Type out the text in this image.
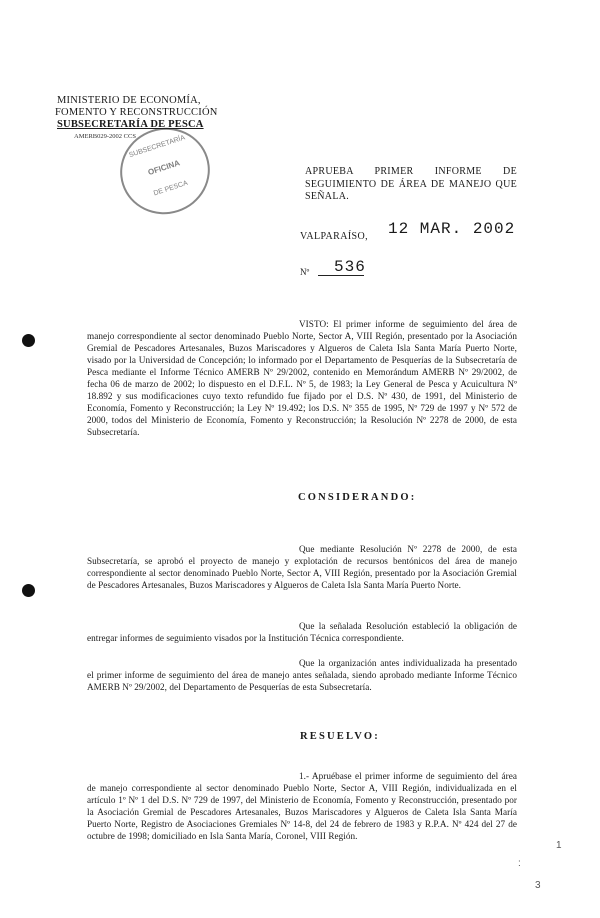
MINISTERIO DE ECONOMÍA,
FOMENTO Y RECONSTRUCCIÓN
SUBSECRETARÍA DE PESCA
AMERB029-2002 CCS
SUBSECRETARÍA
OFICINA
DE PESCA
APRUEBA PRIMER INFORME DE SEGUIMIENTO DE ÁREA DE MANEJO QUE SEÑALA.
VALPARAÍSO, 12 MAR. 2002
Nº 536
VISTO: El primer informe de seguimiento del área de manejo correspondiente al sector denominado Pueblo Norte, Sector A, VIII Región, presentado por la Asociación Gremial de Pescadores Artesanales, Buzos Mariscadores y Algueros de Caleta Isla Santa María Puerto Norte, visado por la Universidad de Concepción; lo informado por el Departamento de Pesquerías de la Subsecretaría de Pesca mediante el Informe Técnico AMERB Nº 29/2002, contenido en Memorándum AMERB Nº 29/2002, de fecha 06 de marzo de 2002; lo dispuesto en el D.F.L. Nº 5, de 1983; la Ley General de Pesca y Acuicultura Nº 18.892 y sus modificaciones cuyo texto refundido fue fijado por el D.S. Nº 430, de 1991, del Ministerio de Economía, Fomento y Reconstrucción; la Ley Nº 19.492; los D.S. Nº 355 de 1995, Nº 729 de 1997 y Nº 572 de 2000, todos del Ministerio de Economía, Fomento y Reconstrucción; la Resolución Nº 2278 de 2000, de esta Subsecretaría.
CONSIDERANDO:
Que mediante Resolución Nº 2278 de 2000, de esta Subsecretaría, se aprobó el proyecto de manejo y explotación de recursos bentónicos del área de manejo correspondiente al sector denominado Pueblo Norte, Sector A, VIII Región, presentado por la Asociación Gremial de Pescadores Artesanales, Buzos Mariscadores y Algueros de Caleta Isla Santa María Puerto Norte.
Que la señalada Resolución estableció la obligación de entregar informes de seguimiento visados por la Institución Técnica correspondiente.
Que la organización antes individualizada ha presentado el primer informe de seguimiento del área de manejo antes señalada, siendo aprobado mediante Informe Técnico AMERB Nº 29/2002, del Departamento de Pesquerías de esta Subsecretaría.
RESUELVO:
1.- Apruébase el primer informe de seguimiento del área de manejo correspondiente al sector denominado Pueblo Norte, Sector A, VIII Región, individualizada en el artículo 1º Nº 1 del D.S. Nº 729 de 1997, del Ministerio de Economía, Fomento y Reconstrucción, presentado por la Asociación Gremial de Pescadores Artesanales, Buzos Mariscadores y Algueros de Caleta Isla Santa María Puerto Norte, Registro de Asociaciones Gremiales Nº 14-8, del 24 de febrero de 1983 y R.P.A. Nº 424 del 27 de octubre de 1998; domiciliado en Isla Santa María, Coronel, VIII Región.
:
1
3
